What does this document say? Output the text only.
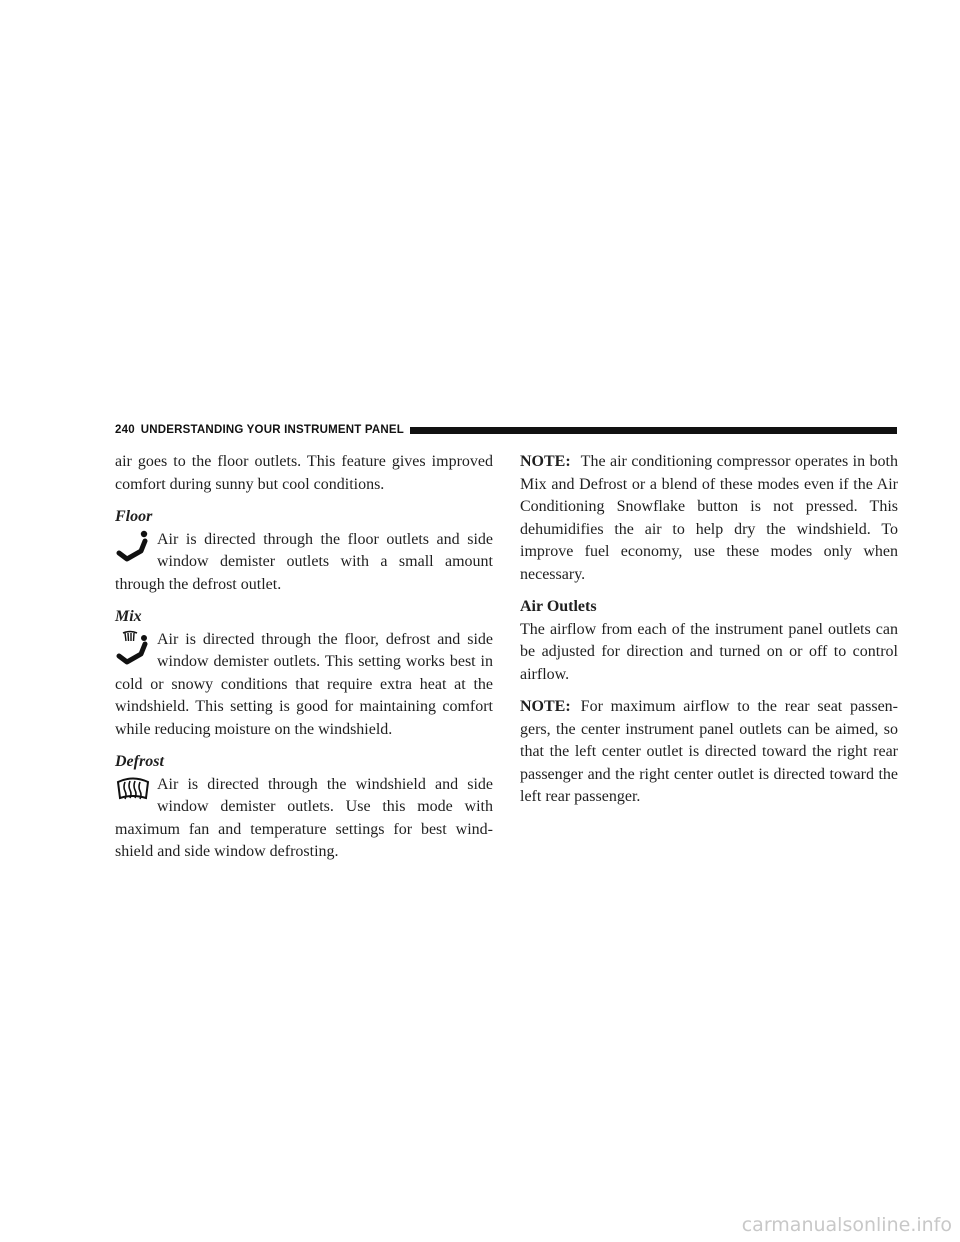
240 UNDERSTANDING YOUR INSTRUMENT PANEL

air goes to the floor outlets. This feature gives improved comfort during sunny but cool conditions.

Floor

Air is directed through the floor outlets and side window demister outlets with a small amount through the defrost outlet.

Mix

Air is directed through the floor, defrost and side window demister outlets. This setting works best in cold or snowy conditions that require extra heat at the windshield. This setting is good for maintaining comfort while reducing moisture on the windshield.

Defrost

Air is directed through the windshield and side window demister outlets. Use this mode with maximum fan and temperature settings for best wind-shield and side window defrosting.

NOTE: The air conditioning compressor operates in both Mix and Defrost or a blend of these modes even if the Air Conditioning Snowflake button is not pressed. This dehumidifies the air to help dry the windshield. To improve fuel economy, use these modes only when necessary.

Air Outlets

The airflow from each of the instrument panel outlets can be adjusted for direction and turned on or off to control airflow.

NOTE: For maximum airflow to the rear seat passen-gers, the center instrument panel outlets can be aimed, so that the left center outlet is directed toward the right rear passenger and the right center outlet is directed toward the left rear passenger.

carmanualsonline.info
